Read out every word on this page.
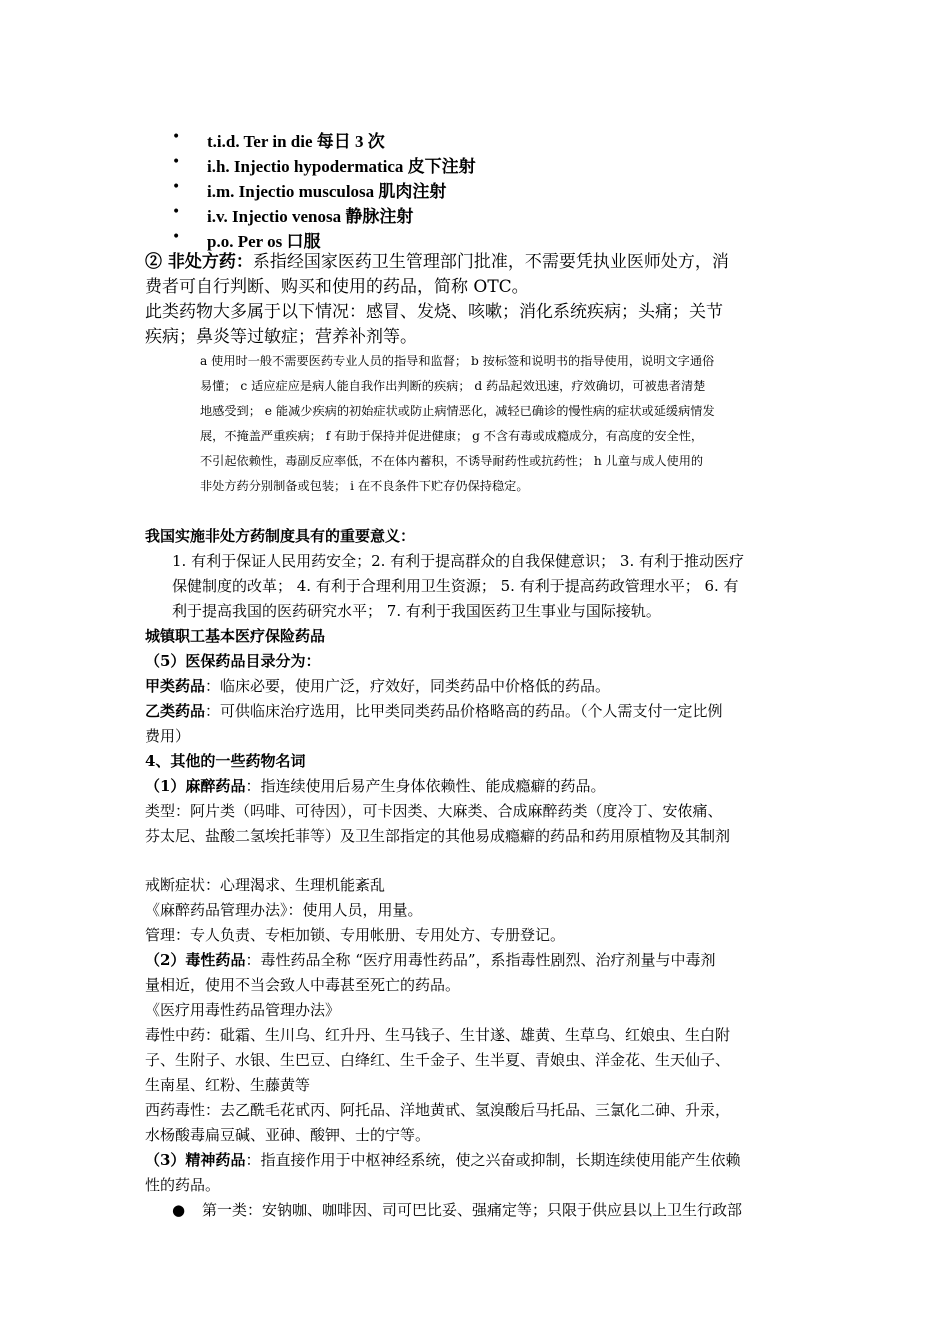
• t.i.d. Ter in die 每日 3 次
• i.h. Injectio hypodermatica 皮下注射
• i.m. Injectio musculosa 肌肉注射
• i.v. Injectio venosa 静脉注射
• p.o. Per os 口服
② 非处方药：系指经国家医药卫生管理部门批准，不需要凭执业医师处方，消
费者可自行判断、购买和使用的药品，简称 OTC。
此类药物大多属于以下情况：感冒、发烧、咳嗽；消化系统疾病；头痛；关节
疾病；鼻炎等过敏症；营养补剂等。
a 使用时一般不需要医药专业人员的指导和监督； b 按标签和说明书的指导使用，说明文字通俗
易懂； c 适应症应是病人能自我作出判断的疾病； d 药品起效迅速，疗效确切，可被患者清楚
地感受到； e 能减少疾病的初始症状或防止病情恶化，减轻已确诊的慢性病的症状或延缓病情发
展，不掩盖严重疾病； f 有助于保持并促进健康； g 不含有毒或成瘾成分，有高度的安全性，
不引起依赖性，毒副反应率低，不在体内蓄积，不诱导耐药性或抗药性； h 儿童与成人使用的
非处方药分别制备或包装； i 在不良条件下贮存仍保持稳定。
我国实施非处方药制度具有的重要意义：
1. 有利于保证人民用药安全；2. 有利于提高群众的自我保健意识； 3. 有利于推动医疗
保健制度的改革； 4. 有利于合理利用卫生资源； 5. 有利于提高药政管理水平； 6. 有
利于提高我国的医药研究水平； 7. 有利于我国医药卫生事业与国际接轨。
城镇职工基本医疗保险药品
（5）医保药品目录分为：
甲类药品：临床必要，使用广泛，疗效好，同类药品中价格低的药品。
乙类药品：可供临床治疗选用，比甲类同类药品价格略高的药品。（个人需支付一定比例
费用）
4、其他的一些药物名词
（1）麻醉药品：指连续使用后易产生身体依赖性、能成瘾癖的药品。
类型：阿片类（吗啡、可待因），可卡因类、大麻类、合成麻醉药类（度冷丁、安侬痛、
芬太尼、盐酸二氢埃托菲等）及卫生部指定的其他易成瘾癖的药品和药用原植物及其制剂
戒断症状：心理渴求、生理机能紊乱
《麻醉药品管理办法》：使用人员，用量。
管理：专人负责、专柜加锁、专用帐册、专用处方、专册登记。
（2）毒性药品：毒性药品全称 “医疗用毒性药品”，系指毒性剧烈、治疗剂量与中毒剂
量相近，使用不当会致人中毒甚至死亡的药品。
《医疗用毒性药品管理办法》
毒性中药：砒霜、生川乌、红升丹、生马钱子、生甘遂、雄黄、生草乌、红娘虫、生白附
子、生附子、水银、生巴豆、白绛红、生千金子、生半夏、青娘虫、洋金花、生天仙子、
生南星、红粉、生藤黄等
西药毒性：去乙酰毛花甙丙、阿托品、洋地黄甙、氢溴酸后马托品、三氯化二砷、升汞，
水杨酸毒扁豆碱、亚砷、酸钾、士的宁等。
（3）精神药品：指直接作用于中枢神经系统，使之兴奋或抑制，长期连续使用能产生依赖
性的药品。
● 第一类：安钠咖、咖啡因、司可巴比妥、强痛定等；只限于供应县以上卫生行政部
